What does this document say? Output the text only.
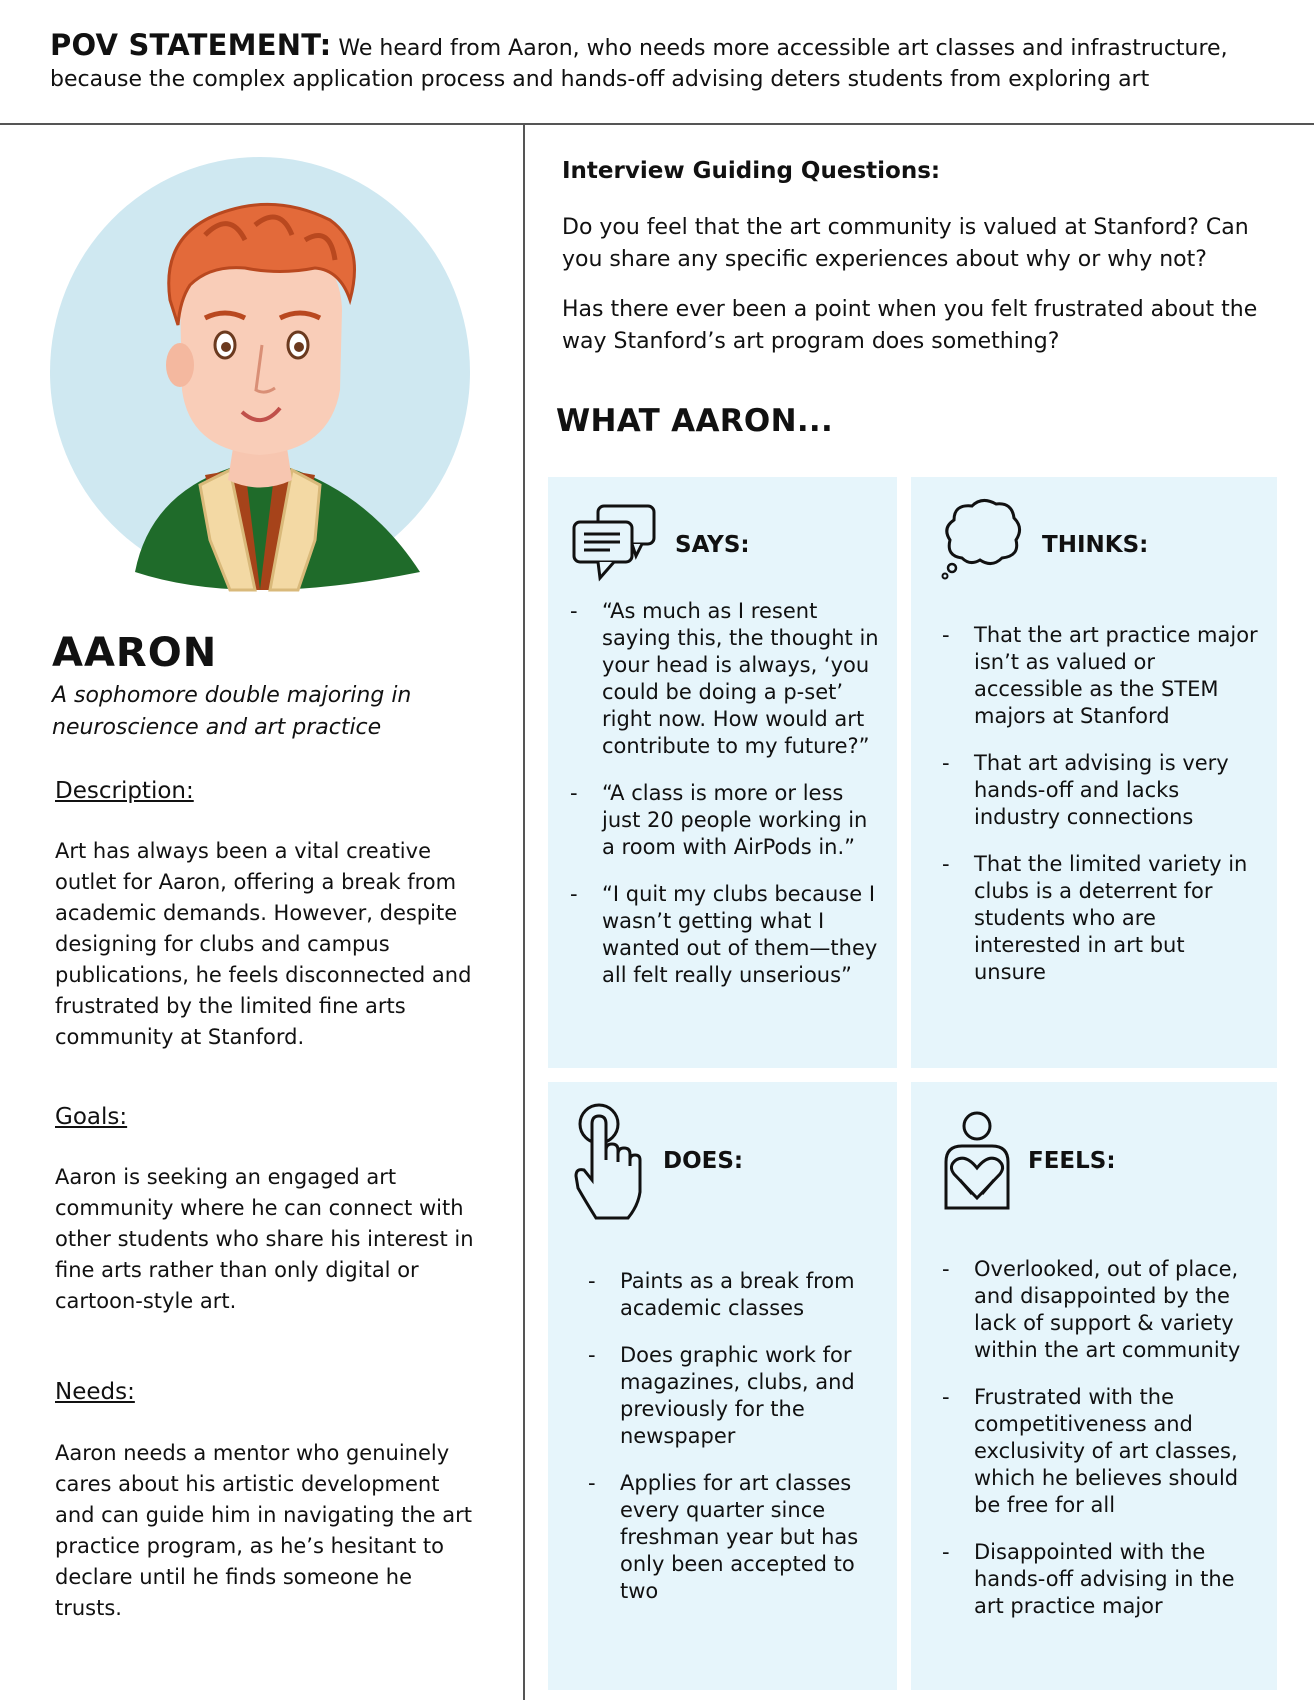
POV STATEMENT: We heard from Aaron, who needs more accessible art classes and infrastructure, because the complex application process and hands-off advising deters students from exploring art
AARON
A sophomore double majoring in neuroscience and art practice
Description:
Art has always been a vital creative outlet for Aaron, offering a break from academic demands. However, despite designing for clubs and campus publications, he feels disconnected and frustrated by the limited fine arts community at Stanford.
Goals:
Aaron is seeking an engaged art community where he can connect with other students who share his interest in fine arts rather than only digital or cartoon-style art.
Needs:
Aaron needs a mentor who genuinely cares about his artistic development and can guide him in navigating the art practice program, as he’s hesitant to declare until he finds someone he trusts.
Interview Guiding Questions:
Do you feel that the art community is valued at Stanford? Can you share any specific experiences about why or why not?
Has there ever been a point when you felt frustrated about the way Stanford’s art program does something?
WHAT AARON...
SAYS:
- “As much as I resent saying this, the thought in your head is always, ‘you could be doing a p-set’ right now. How would art contribute to my future?”
- “A class is more or less just 20 people working in a room with AirPods in.”
- “I quit my clubs because I wasn’t getting what I wanted out of them—they all felt really unserious”
THINKS:
- That the art practice major isn’t as valued or accessible as the STEM majors at Stanford
- That art advising is very hands-off and lacks industry connections
- That the limited variety in clubs is a deterrent for students who are interested in art but unsure
DOES:
- Paints as a break from academic classes
- Does graphic work for magazines, clubs, and previously for the newspaper
- Applies for art classes every quarter since freshman year but has only been accepted to two
FEELS:
- Overlooked, out of place, and disappointed by the lack of support & variety within the art community
- Frustrated with the competitiveness and exclusivity of art classes, which he believes should be free for all
- Disappointed with the hands-off advising in the art practice major
